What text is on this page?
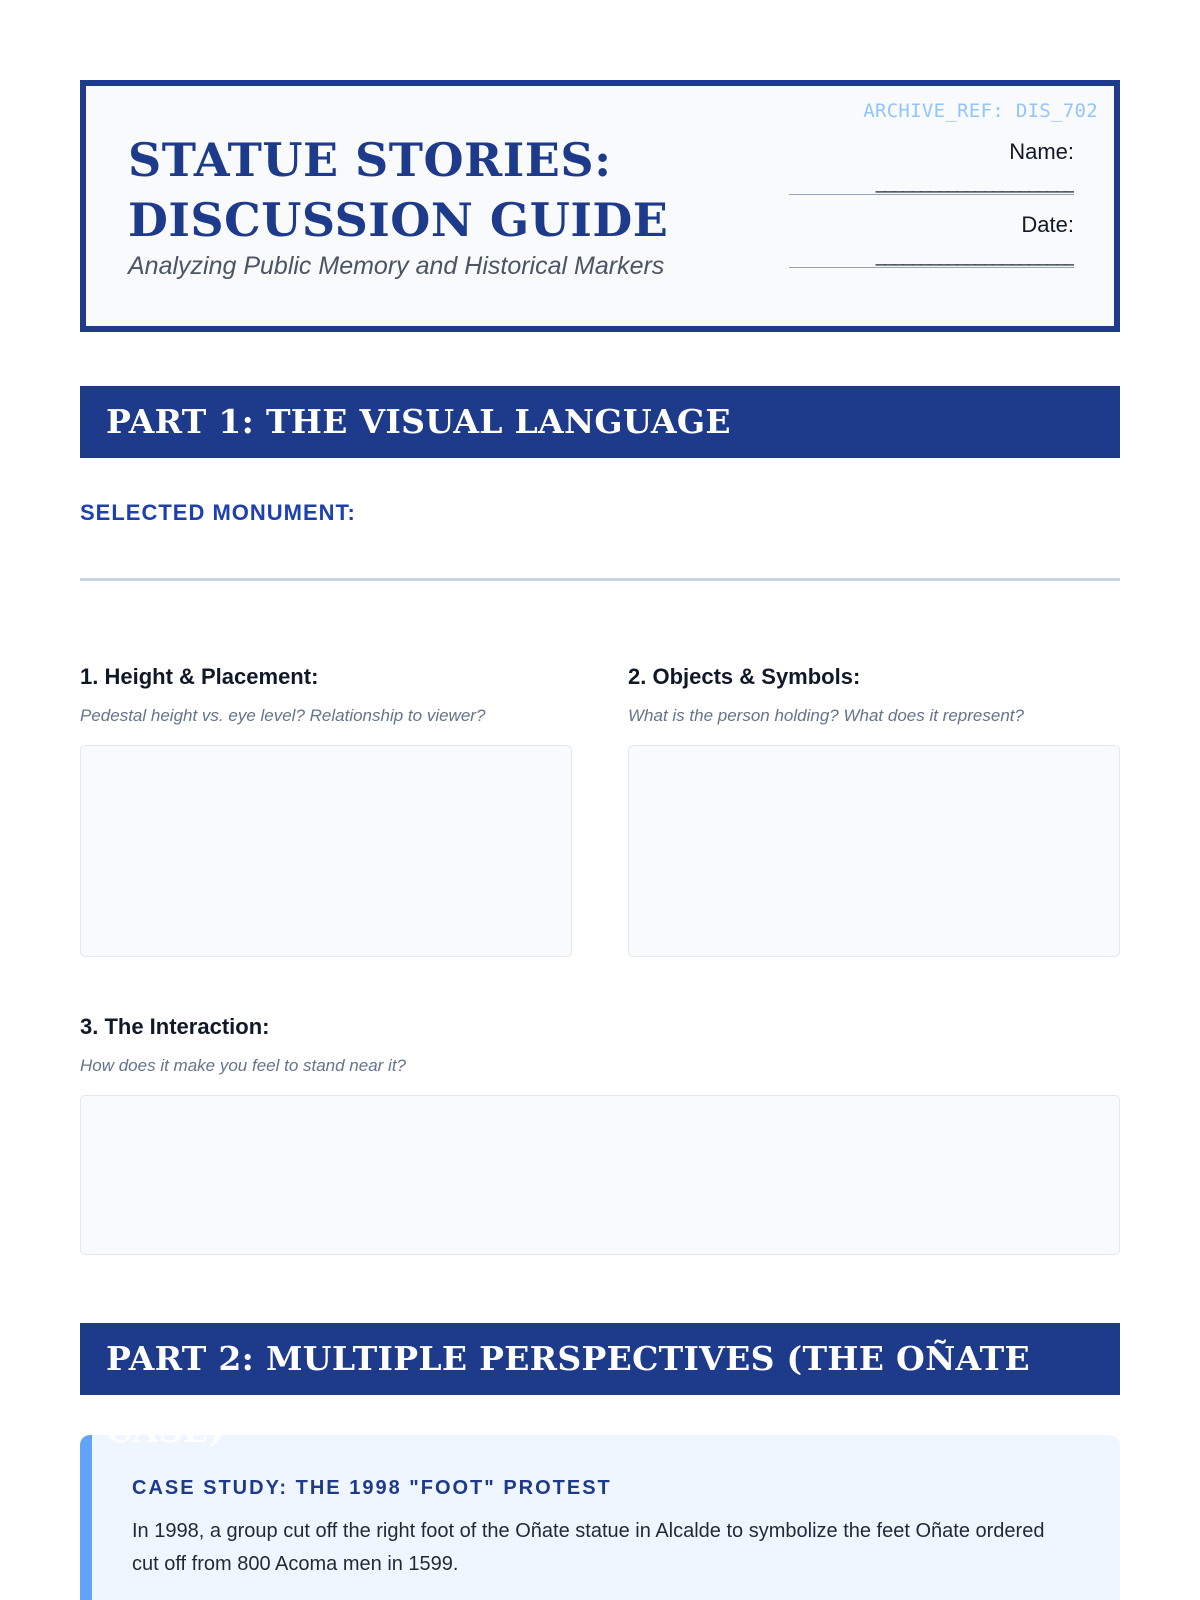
ARCHIVE_REF: DIS_702
STATUE STORIES:
DISCUSSION GUIDE
Analyzing Public Memory and Historical Markers
Name:
______________________
Date:
______________________
PART 1: THE VISUAL LANGUAGE
SELECTED MONUMENT:
1. Height & Placement:
Pedestal height vs. eye level? Relationship to viewer?
2. Objects & Symbols:
What is the person holding? What does it represent?
3. The Interaction:
How does it make you feel to stand near it?
PART 2: MULTIPLE PERSPECTIVES (THE OÑATE CASE)
CASE STUDY: THE 1998 "FOOT" PROTEST
In 1998, a group cut off the right foot of the Oñate statue in Alcalde to symbolize the feet Oñate ordered cut off from 800 Acoma men in 1599.
